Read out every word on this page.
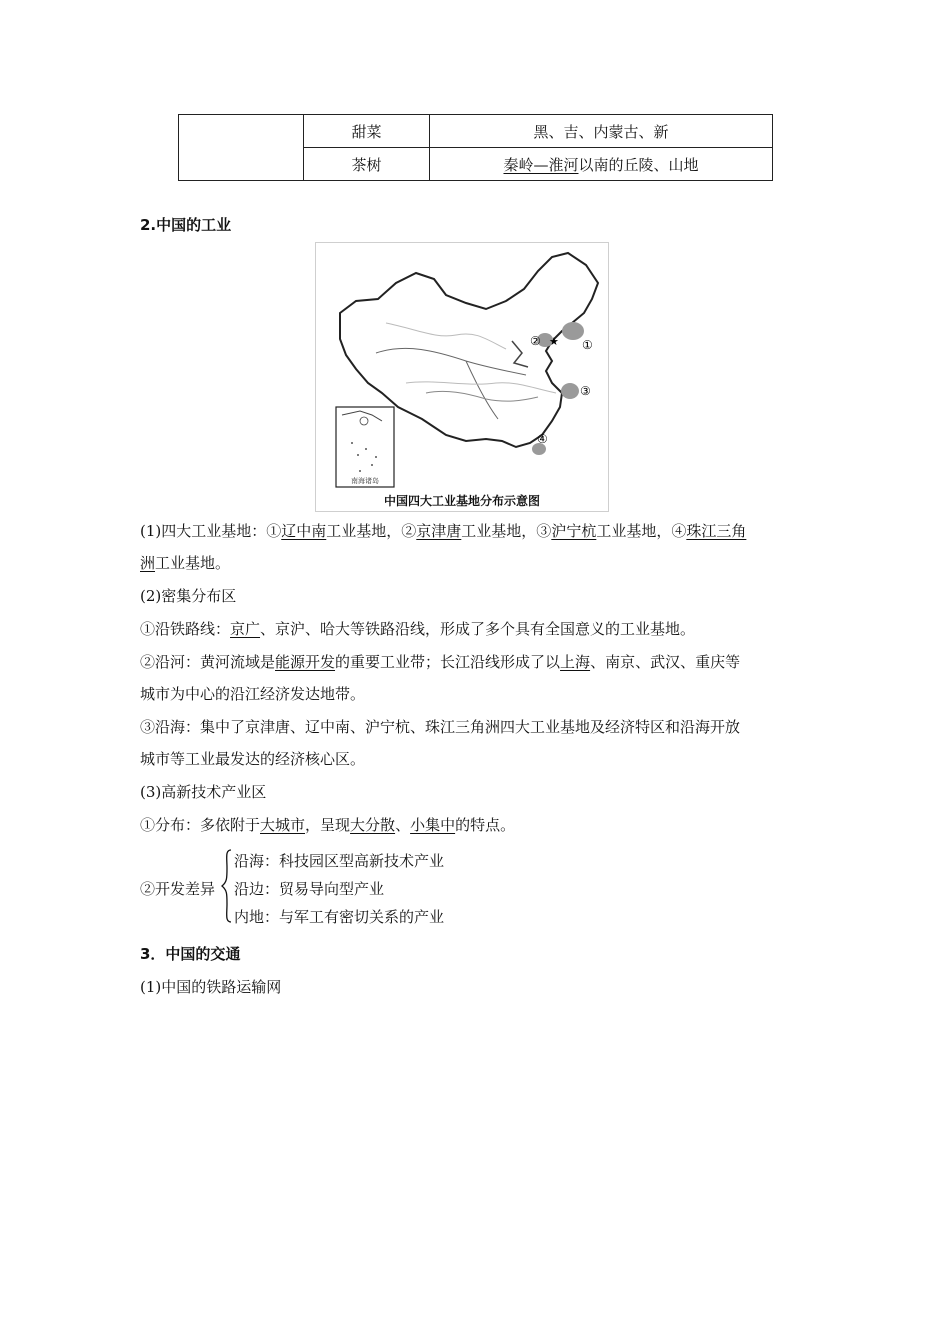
	甜菜	黑、吉、内蒙古、新
	茶树	秦岭—淮河以南的丘陵、山地
2.中国的工业
★ ①
②
③
④
南海诸岛
中国四大工业基地分布示意图
(1)四大工业基地：①辽中南工业基地，②京津唐工业基地，③沪宁杭工业基地，④珠江三角
洲工业基地。
(2)密集分布区
①沿铁路线：京广、京沪、哈大等铁路沿线，形成了多个具有全国意义的工业基地。
②沿河：黄河流域是能源开发的重要工业带；长江沿线形成了以上海、南京、武汉、重庆等
城市为中心的沿江经济发达地带。
③沿海：集中了京津唐、辽中南、沪宁杭、珠江三角洲四大工业基地及经济特区和沿海开放
城市等工业最发达的经济核心区。
(3)高新技术产业区
①分布：多依附于大城市，呈现大分散、小集中的特点。
②开发差异
沿海：科技园区型高新技术产业
沿边：贸易导向型产业
内地：与军工有密切关系的产业
3．中国的交通
(1)中国的铁路运输网
